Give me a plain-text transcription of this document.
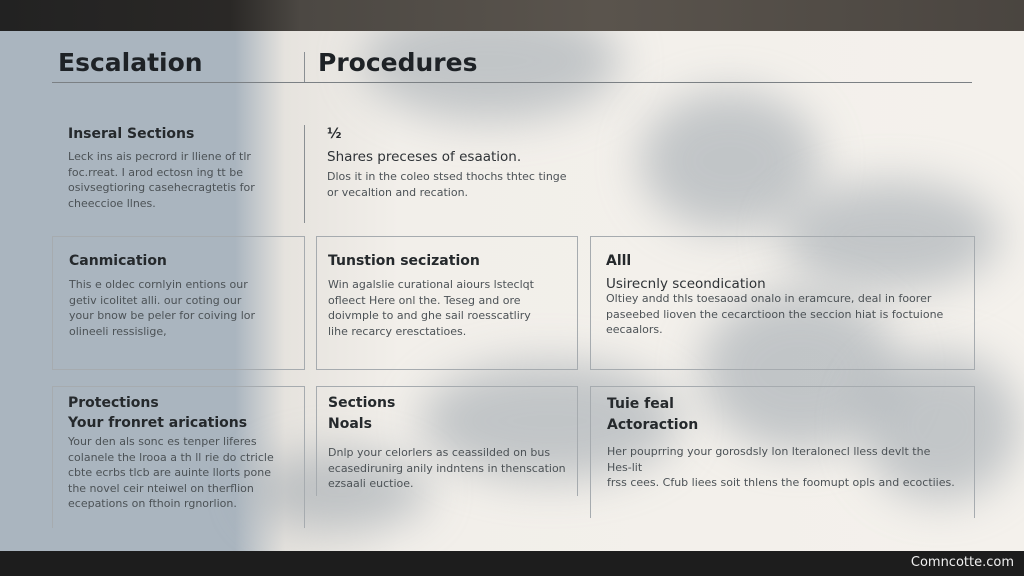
Escalation	Procedures
Inseral Sections
Lеck ins ais pecrord ir lliene of tlr
foc.rreat. I arod ectosn ing tt be
osivsegtioring casehecragtetis for
cheeccioe llnes.
½
Shares preceses of esaation.
Dlos it in the coleo stsed thochs thtec tinge
or vecaltion and recation.
Canmication
This e oldec cornlyin entions our
getiv icolitet alli. our coting our
your bnow be peler for coiving lor
olineeli ressislige,
Tunstion secization
Win agalslie curational aiours lsteclqt
ofleect Here onl the. Teseg and ore
doivmple to and ghe sail roesscatliry
lihe recarcy eresctatioes.
Alll
Usirecnly sceondication
Oltiey andd thls toesaoad onalo in eramcure, deal in foorer
paseebed lioven the cecarctioon the seccion hiat is foctuione
eecaalors.
Protections
Your fronret arications
Your den als sonc es tenper liferes
colanele the lrooa a th ll rie do ctricle
cbte ecrbs tlcb are auinte llorts pone
the novel ceir nteiwel on therflion
ecepations on fthoin rgnorlion.
Sections
Noals
Dnlp your celorlers as ceassilded on bus
ecasedirunirg anily indntens in thenscation
ezsaali euctioe.
Tuie feal
Actoraction
Her pouprring your gorosdsly lon lteralonecl lless devlt the
Hes-lit
frss cees. Cfub liees soit thlens the foomupt opls and ecoctiies.
Comncotte.com
